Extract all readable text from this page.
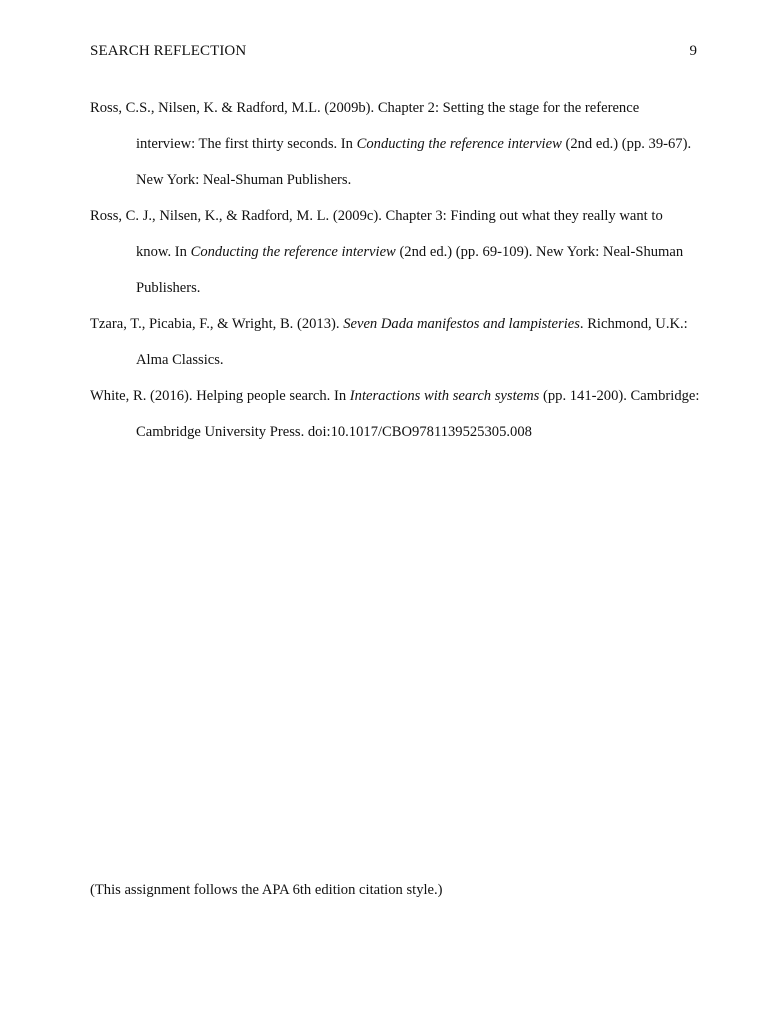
SEARCH REFLECTION	9
Ross, C.S., Nilsen, K. & Radford, M.L. (2009b). Chapter 2: Setting the stage for the reference interview: The first thirty seconds. In Conducting the reference interview (2nd ed.) (pp. 39-67). New York: Neal-Shuman Publishers.
Ross, C. J., Nilsen, K., & Radford, M. L. (2009c). Chapter 3: Finding out what they really want to know. In Conducting the reference interview (2nd ed.) (pp. 69-109). New York: Neal-Shuman Publishers.
Tzara, T., Picabia, F., & Wright, B. (2013). Seven Dada manifestos and lampisteries. Richmond, U.K.: Alma Classics.
White, R. (2016). Helping people search. In Interactions with search systems (pp. 141-200). Cambridge: Cambridge University Press. doi:10.1017/CBO9781139525305.008
(This assignment follows the APA 6th edition citation style.)
